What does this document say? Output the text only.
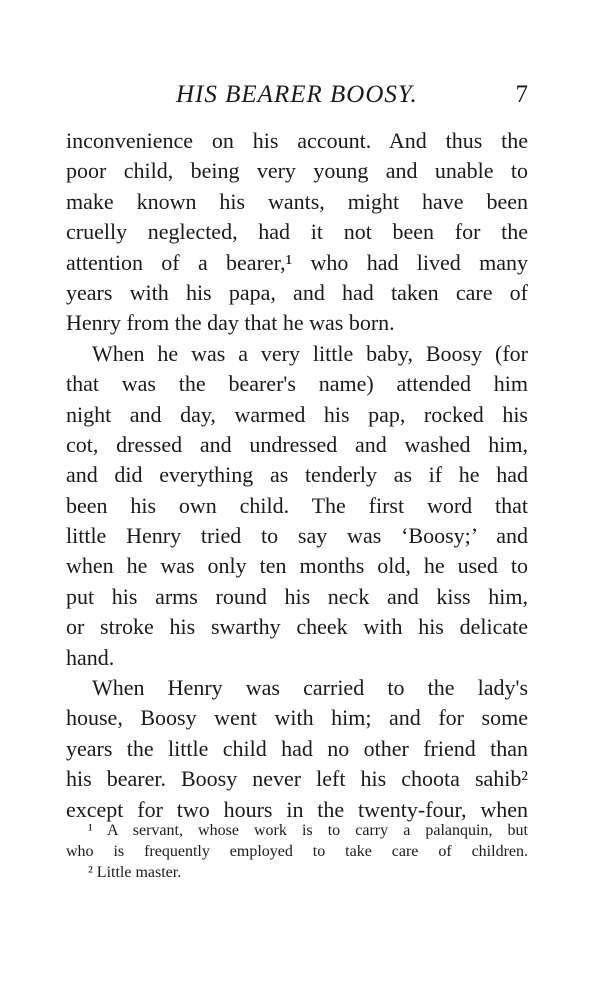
HIS BEARER BOOSY.	7
inconvenience on his account. And thus the
poor child, being very young and unable to
make known his wants, might have been
cruelly neglected, had it not been for the
attention of a bearer,¹ who had lived many
years with his papa, and had taken care of
Henry from the day that he was born.
When he was a very little baby, Boosy (for
that was the bearer's name) attended him
night and day, warmed his pap, rocked his
cot, dressed and undressed and washed him,
and did everything as tenderly as if he had
been his own child. The first word that
little Henry tried to say was ‘Boosy;’ and
when he was only ten months old, he used to
put his arms round his neck and kiss him,
or stroke his swarthy cheek with his delicate
hand.
When Henry was carried to the lady's
house, Boosy went with him; and for some
years the little child had no other friend than
his bearer. Boosy never left his choota sahib²
except for two hours in the twenty-four, when
¹ A servant, whose work is to carry a palanquin, but
who is frequently employed to take care of children.
² Little master.
